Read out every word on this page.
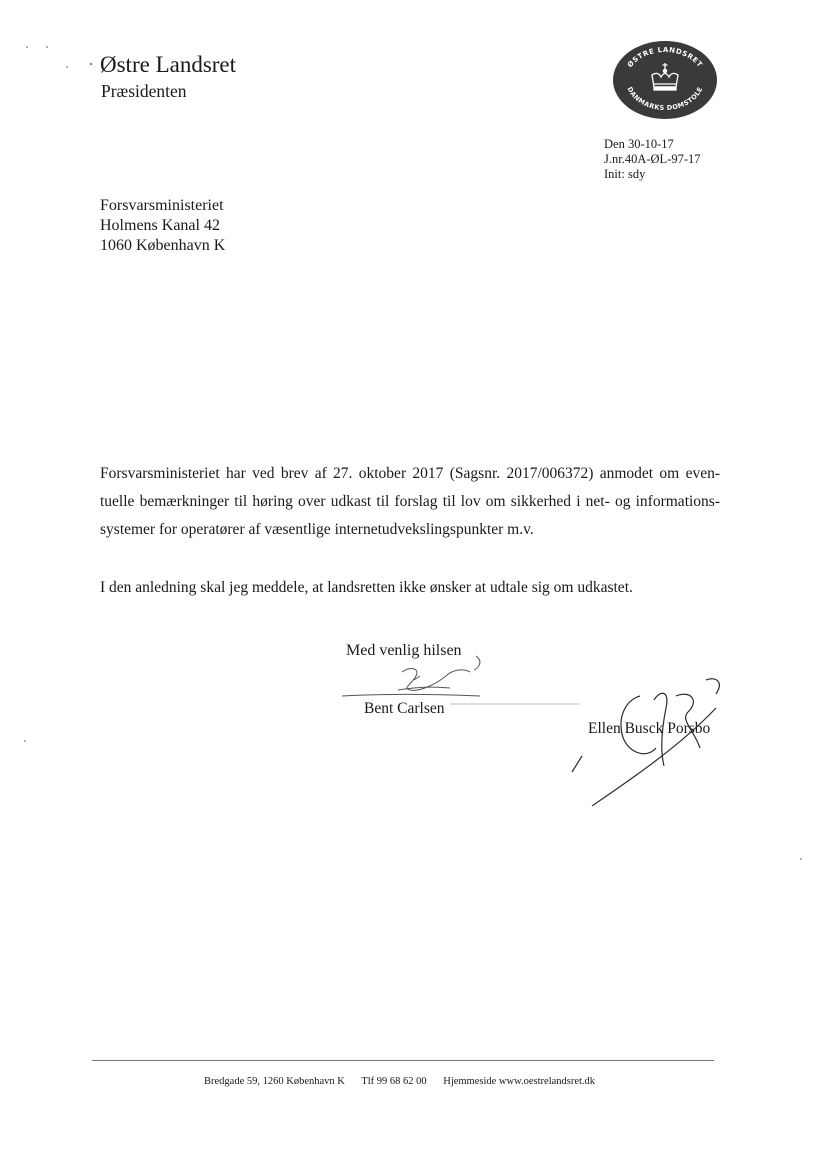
· Østre Landsret
Præsidenten
ØSTRE LANDSRET
DANMARKS DOMSTOLE
Den 30-10-17
J.nr.40A-ØL-97-17
Init: sdy
Forsvarsministeriet
Holmens Kanal 42
1060 København K
Forsvarsministeriet har ved brev af 27. oktober 2017 (Sagsnr. 2017/006372) anmodet om even-
tuelle bemærkninger til høring over udkast til forslag til lov om sikkerhed i net- og informations-
systemer for operatører af væsentlige internetudvekslingspunkter m.v.
I den anledning skal jeg meddele, at landsretten ikke ønsker at udtale sig om udkastet.
Med venlig hilsen
Bent Carlsen
Ellen Busck Porsbo
Bredgade 59, 1260 København K Tlf 99 68 62 00 Hjemmeside www.oestrelandsret.dk
